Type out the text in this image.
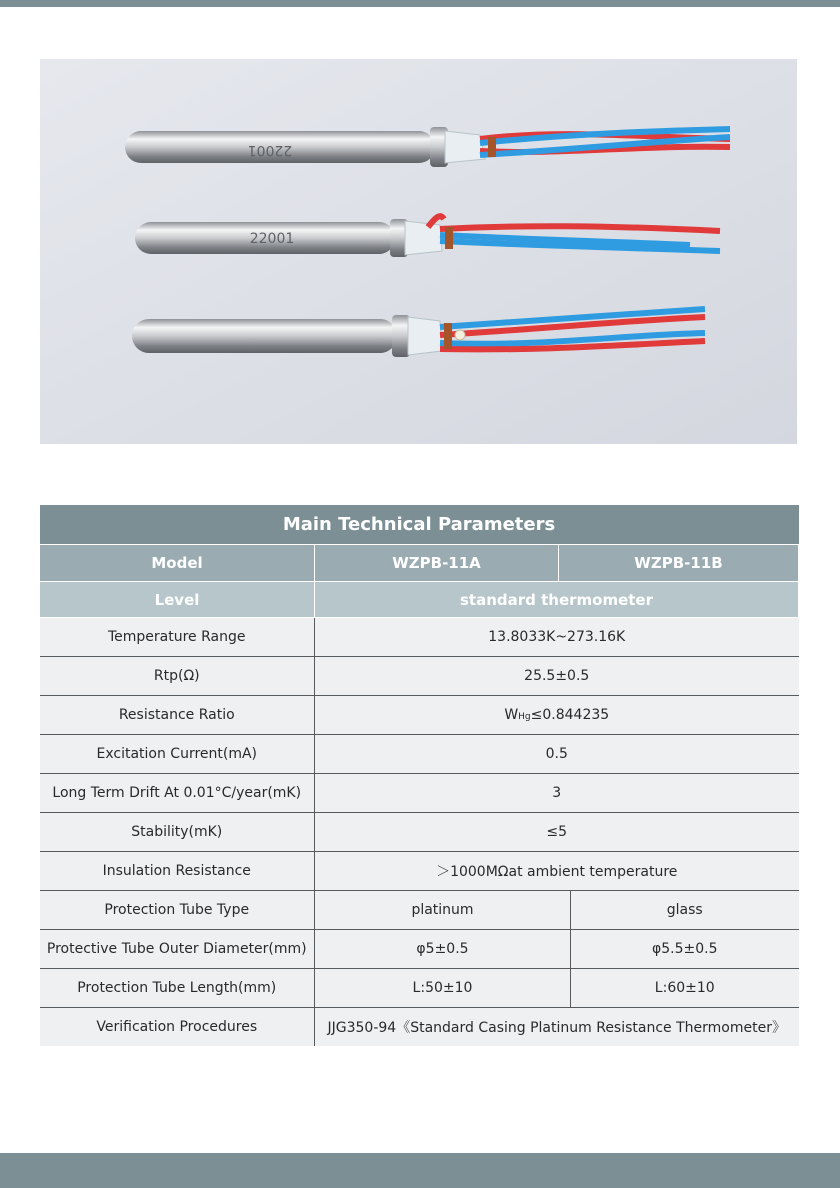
22001
22001
Main Technical Parameters			
Model	WZPB-11A	WZPB-11B	
Level	standard thermometer		
Temperature Range	13.8033K~273.16K		
Rtp(Ω)	25.5±0.5		
Resistance Ratio	WHg≤0.844235		
Excitation Current(mA)	0.5		
Long Term Drift At 0.01°C/year(mK)	3		
Stability(mK)	≤5		
Insulation Resistance	＞1000MΩat ambient temperature		
Protection Tube Type	platinum		glass
Protective Tube Outer Diameter(mm)	φ5±0.5		φ5.5±0.5
Protection Tube Length(mm)	L:50±10		L:60±10
Verification Procedures	JJG350-94《Standard Casing Platinum Resistance Thermometer》		
